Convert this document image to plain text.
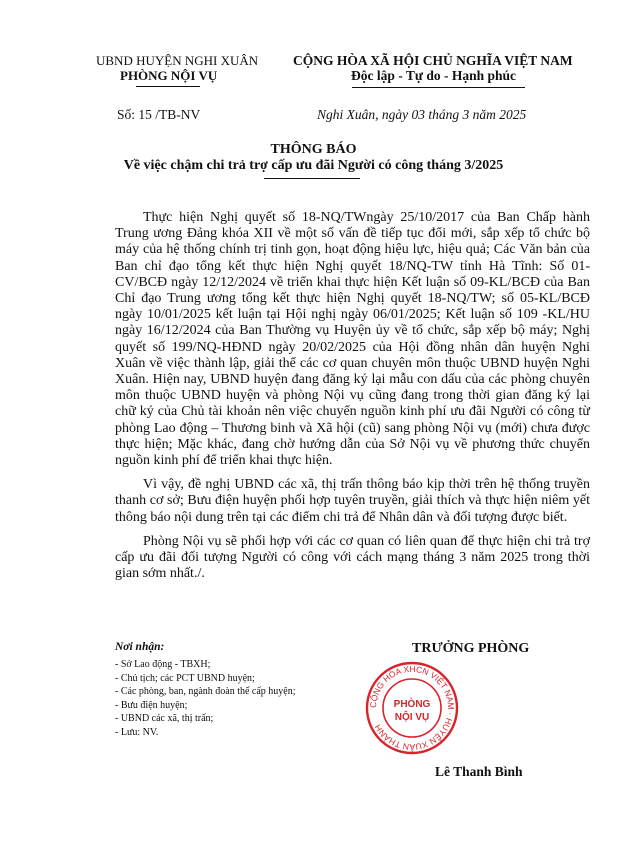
UBND HUYỆN NGHI XUÂN
PHÒNG NỘI VỤ
CỘNG HÒA XÃ HỘI CHỦ NGHĨA VIỆT NAM
Độc lập - Tự do - Hạnh phúc
Số: 15 /TB-NV	Nghi Xuân, ngày 03 tháng 3 năm 2025
THÔNG BÁO
Về việc chậm chi trả trợ cấp ưu đãi Người có công tháng 3/2025

Thực hiện Nghị quyết số 18-NQ/TWngày 25/10/2017 của Ban Chấp hành Trung ương Đảng khóa XII về một số vấn đề tiếp tục đổi mới, sắp xếp tổ chức bộ máy của hệ thống chính trị tinh gọn, hoạt động hiệu lực, hiệu quả; Các Văn bản của Ban chỉ đạo tổng kết thực hiện Nghị quyết 18/NQ-TW tỉnh Hà Tĩnh: Số 01-CV/BCĐ ngày 12/12/2024 về triển khai thực hiện Kết luận số 09-KL/BCĐ của Ban Chỉ đạo Trung ương tổng kết thực hiện Nghị quyết 18-NQ/TW; số 05-KL/BCĐ ngày 10/01/2025 kết luận tại Hội nghị ngày 06/01/2025; Kết luận số 109 -KL/HU ngày 16/12/2024 của Ban Thường vụ Huyện ủy về tổ chức, sắp xếp bộ máy; Nghị quyết số 199/NQ-HĐND ngày 20/02/2025 của Hội đồng nhân dân huyện Nghi Xuân về việc thành lập, giải thể các cơ quan chuyên môn thuộc UBND huyện Nghi Xuân. Hiện nay, UBND huyện đang đăng ký lại mẫu con dấu của các phòng chuyên môn thuộc UBND huyện và phòng Nội vụ cũng đang trong thời gian đăng ký lại chữ ký của Chủ tài khoản nên việc chuyển nguồn kinh phí ưu đãi Người có công từ phòng Lao động – Thương binh và Xã hội (cũ) sang phòng Nội vụ (mới) chưa được thực hiện; Mặc khác, đang chờ hướng dẫn của Sở Nội vụ về phương thức chuyển nguồn kinh phí để triển khai thực hiện.

Vì vậy, đề nghị UBND các xã, thị trấn thông báo kịp thời trên hệ thống truyền thanh cơ sở; Bưu điện huyện phối hợp tuyên truyền, giải thích và thực hiện niêm yết thông báo nội dung trên tại các điểm chi trả để Nhân dân và đối tượng được biết.

Phòng Nội vụ sẽ phối hợp với các cơ quan có liên quan để thực hiện chi trả trợ cấp ưu đãi đối tượng Người có công với cách mạng tháng 3 năm 2025 trong thời gian sớm nhất./.

Nơi nhận:
- Sở Lao động - TBXH;
- Chủ tịch; các PCT UBND huyện;
- Các phòng, ban, ngành đoàn thể cấp huyện;
- Bưu điện huyện;
- UBND các xã, thị trấn;
- Lưu: NV.
TRƯỞNG PHÒNG
CỘNG HÒA XHCN VIỆT NAM · HUYỆN XUÂN THÀNH
PHÒNG
NỘI VỤ
Lê Thanh Bình
